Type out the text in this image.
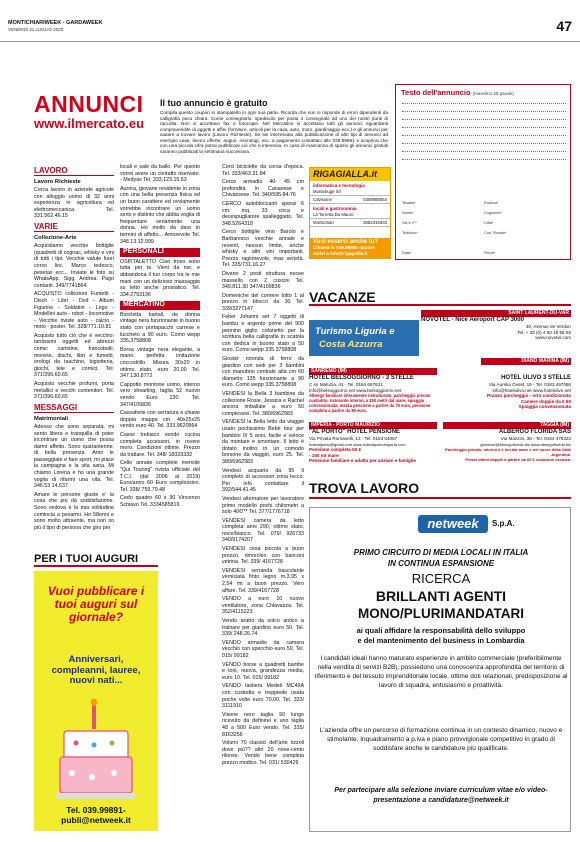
MONTICHIARIWEEK - GARDAWEEK
VENERDÌ 31 LUGLIO 2020	47
ANNUNCI
www.ilmercato.eu
Il tuo annuncio è gratuito
Compila questo coupon in stampatello in ogni sua parte. Ricorda che non si risponde di errori dipendenti da calligrafia poco chiara. Come consegnarlo: spediscilo per posta o consegnalo ad uno dei nostri punti di raccolta. Non si accettano fax o fotocopie. Nel Mercatino si accettano tutti gli annunci riguardanti compravendite di oggetti e affini (forniture, articoli per la casa, auto, moto, giardinaggio ecc.) e gli annunci per aiutare a trovare lavoro (Lavoro Richieste). Se sei interessato alla pubblicazione di altri tipi di annunci ad esempio case, lavoro offerte, auguri, necrologi, ecc. a pagamento contattaci allo 039.99891 e scoprirai che con una piccola cifra potrai pubblicare ciò che ti interessa. In caso di mancanza di spazio gli annunci gratuiti saranno pubblicati la settimana successiva.
Testo dell'annuncio (massimo 20 parole)
Testata*	Rubrica*
Nome*	Cognome*
Via e n°*	Città*
Telefono*	Cod. Fiscale*
Data*	Firma*
RIGAGIALLA.it
informatica e tecnologia
Montebuge Srl
Cdvisione	0309888554
locali e gastronomia
La Torretta Da Mauro
Montichiari	3662315933
Vuoi esserci anche tu?
Chiama lo 039.99891 oppure scrivi a info@rigagialla.it
LAVORO
Lavoro Richieste

Cerca lavoro in aziende agricole con alloggio uomo di 32 anni esperienza in agricoltura ed elettromeccanica. Tel. 331.562.46.15

VARIE
Collezione-Arte

Acquistiamo vecchie bottiglie (quadretti di cognac, whisky e vini di tutti i tipi. Vecchie valute fuori corso lire, Marco tedesco, pesetas ecc... Inviate le foto su WhatsApp. Sigg. Andrea. Pago contanti. 349/7741864

ACQUISTO collezioni Fumetti - Disch - Libri - Dvd - Album Figurine - Soldatini - Lego - Modellini auto - robot - locomotive - Vecchie riviste auto - calcio - moto - poster. Tel. 328/771.10.81

Acquisto tutto ciò che è vecchio: tantissimi oggetti ed attrezzi come: cartoline, francobolli, monete, dischi, libri e fumetti, orologi da taschino, bigiotteria, giochi, tele e cornici. Tel. 371/396.60.65

Acquisto vecchie profumi, porta metallici e vecchi contenitori. Tel. 371/396.60.65

MESSAGGI
Matrimoniali

Adesso che sono separata, mi sento libera e tranquilla di poter incontrare un uomo che possa darmi affetto. Sono quarantenne, di bella presenza. Amo le passeggiate e fare sport, mi piace la campagna e la vita sana. Mi chiamo Lorena e ho una grande voglia di rifarmi una vita. Tel. 346.53.14.637

Amare le persone giuste e' la cosa che più dà soddisfazione. Sono vedova e la mia solitudine comincia a pesarmi. Ho 58enni e sono molto attraente, ma non so più il tipo di persona che giro per

locali e sale da ballo. Per questo vorrei avere un contatto riservato. - Medyas Tel. 333.123.15.63

Aurora, giovane residente in zona con una bella presenza fisica ed un buon carattere ed ovviamente vorrebbe incontrare un uomo serio e distinto che abbia voglia di frequentare seriamente una donna. Ho molto da dare in termini di affetto... Amorevole Tel. 348.13.12.999

PERSONALI

OSPITALETTO Ciao trovo sono tutta per te. Vieni da me, e abbandona il tuo corpo tra le mie mani con un delizioso massaggio su letto anche prostatico. Tel. 334.2753196

MERCATINO

Bicicletta bartali, da donna vintage nera funzionante in buono stato con portapacchi carrese e luccheto a 90 euro. Como wepp 335.3758808

Borsa vintage nera elegante, a mano, perfetta imitazione coccodrillo. Misura 30x20 in ottimo stato, euro 20,00 Tel. 347.130.8772

Cappotto montone uomo, interno vero shearling, taglia 52 nuovo vendo Euro 230. Tel. 347/4109836

Cassaforte con serratura a chiave doppia mappa cm. 40x25x25 vendo euro 40. Tel. 333.9620964

Casse trebiaco vendo cucina completa accessori, in rovere moro. Condizioni ottime. Prezzo da trattare. Tel. 348/ 18323332

Cello annate complete mensile "Qui Touring" rivista ufficiale del T.C.I. (dal 2006 al 2019) Euro/anno 60 Euro complessivo. Tel. 338/ 759.79.48

Cedo quadro 60 x 90 Vincenzo Schiavo Tel. 3334585819

Cerci biciclette da corsa d'epoca. Tel. 333/463.31.84

Cerco armadio 40- 45 cm profondità in Canavese e Chivassese. Tel. 340/595.84.76

CERCO autobloccanti spessi 6 cm. mq. 33 circa e decespugliatore spalleggiato. Tel. 348.5264318

Cerco bottiglie vino Barolo e Barbaresco vecchie annate e recenti, nessun limite, anche whisky e altri vini importanti. Prezzo ragionevole, max serietà. Tel. 335/731.16.27

Divano 2 posti struttura nocee massello con 2 cuscini Tel. 349.811.30 347/4109836

Domeniche del corriere lotto 1 al prezzo in blocco da 30 Tel. 339/3277147

Feber Johanni set 7 oggetti di bambu e argento prime del 900 pennino giglio cofanetto per la scrittura bella calligrafia in scatola con dedica in buono stato a 50 euro. Como wepp 335.3758808

Gioster rotonda di ferro da giardino con sedi per 3 bambini con manubrio centrale alta cm 60 diametro 135 funzionante a 90 euro. Como wepp 335.3758808

VENDESI la Bella 3 bambine da collezione Rosie, Jessica e Rachel ancora imballate a euro 50 complessivi. Tel. 380/6962983

VENDESI la Bella letto da viaggio usato pochissimo Bebè tour per bambini 0/ 5 anni, facile e veloce da montare e smontare. Il letto è dotato inoltro in un comodo borsone da viaggio, euro 25. Tel. 380/6962983

Vendesi acquario da 95 lt completo di accessori zona lecco. Per info contattare il 392/544.41.45

Vendesi alternatore per lavoratore primo modello pochi chilometri a solo 40€!** Tel. 377/1776718

VENDESI camera da letto completa anni 290, ottimo stato, noce/bianco. Tel. 079/ 926733 340/9174207

VENDESI cesa piccola a buon prezzo, rimorchio con banconi vetrina. Tel. 339/ 4167728

VENDESI serranda basculante verniciata finto legno m.3,95 x 2,54 mt a buon prezzo. Vero affare. Tel. 339/4167728

VENDO a euro 10 nuovo ventilatore, zona Chiavazza. Tel. 352/4115223

Vendo aratro da solco antico a trainare per giardino euro 50. Tel. 339/ 248.26.74

VENDO armadio da camera vecchio con specchio euro 50. Tel. 015/ 99182

VENDO borse a quadretti bambe e toni, nuova, grandezza media, euro 10. Tel. 015/ 99182

VENDO tastiera Medeli MC49A con custodia e treppiede usata poche volte euro 70,00. Tel. 333/ 3111910

Visone nero taglia 50 lungo ricevuto da definirei e uno taglia 48 a 500 Euro vendo. Tel. 335/ 8163256

Volumi 70 classici dell'arte rizzoli dove più?? altri 20 nove-cento rilonse. Vendo bene completa prezzo modico. Tel. 031/ 530429

VACANZE
SAINT LAURENT-DU-VAR
NOVOTEL - Nice Aeroport CAP 3000
40, Avenue de Verdun
Tel. + 33 (0) 4 93 19 55 55
www.novotel.com
Turismo Liguria e
Costa Azzurra
DIANO MARINA (IM)
SANREMO (IM)
HOTEL BELSOGGIORNO - 3 STELLE
C.so Matuzia, 41 - Tel. 0184 667631
info@belsoggiorno.net www.belsoggiorno.net
Albergo familiare interamente ristrutturato, parcheggio privato custodito, ristorante interno, a 150 metri dal mare, spiaggia convenzionata, mezza pensione a partire da 70 euro, pensione completa a partire da 80 euro.
HOTEL ULIVO 3 STELLE
Via Aurelia Ovest, 19 - Tel. 0183 497066
info@hotelulivo.net www.hotelulivo.net
Pranzo parcheggio - orto condizionato
Camere doppie da € 60
Spiaggia convenzionata
IMPERIA - PORTO MAURIZIO
"AL PORTO" HOTEL PENSIONE
Via Privata Romanelli, 13 - Tel. 0183 64087
hotelalporto@gmail.com www.hotelalportoimperia.com
Pensione completa 50 €
- 150 mt mare
Pensione familiare e adatta per anziani e famiglie
TAGGIA (IM)
ALBERGO FLORIDA SAS
Via Mazzini, 38 - Tel. 0184 475323
gestione@albergoflorida.biz www.albergoflorida.biz
Parcheggio privato, interno a 1 km dal mare e nel cuore della Valle Argentina.
Prezzi ottimi doppie a partire da 60 € colazione esclusa.
TROVA LAVORO
netweek	S.p.A.
PRIMO CIRCUITO DI MEDIA LOCALI IN ITALIA
IN CONTINUA ESPANSIONE
RICERCA
BRILLANTI AGENTI
MONO/PLURIMANDATARI
ai quali affidare la responsabilità dello sviluppo
e del mantenimento del business in Lombardia
I candidati ideali hanno maturato esperienze in ambito commerciale (preferibilmente nella vendita di servizi B2B), possiedono una conoscenza approfondita del territorio di riferimento e del tessuto imprenditoriale locale, ottime doti relazionali, predisposizione al lavoro di squadra, entusiasmo e proattività.
L'azienda offre un percorso di formazione continua in un contesto dinamico, nuovo e stimolante. Inquadramento a p.iva e piano provvigionale competitivo in grado di soddisfare anche le candidature più qualificate.
Per partecipare alla selezione inviare curriculum vitae e/o video-presentazione a candidature@netweek.it
PER I TUOI AUGURI
Vuoi pubblicare i tuoi auguri sul giornale?
Anniversari, compleanni, lauree, nuovi nati...
Tel. 039.99891-publi@netweek.it
